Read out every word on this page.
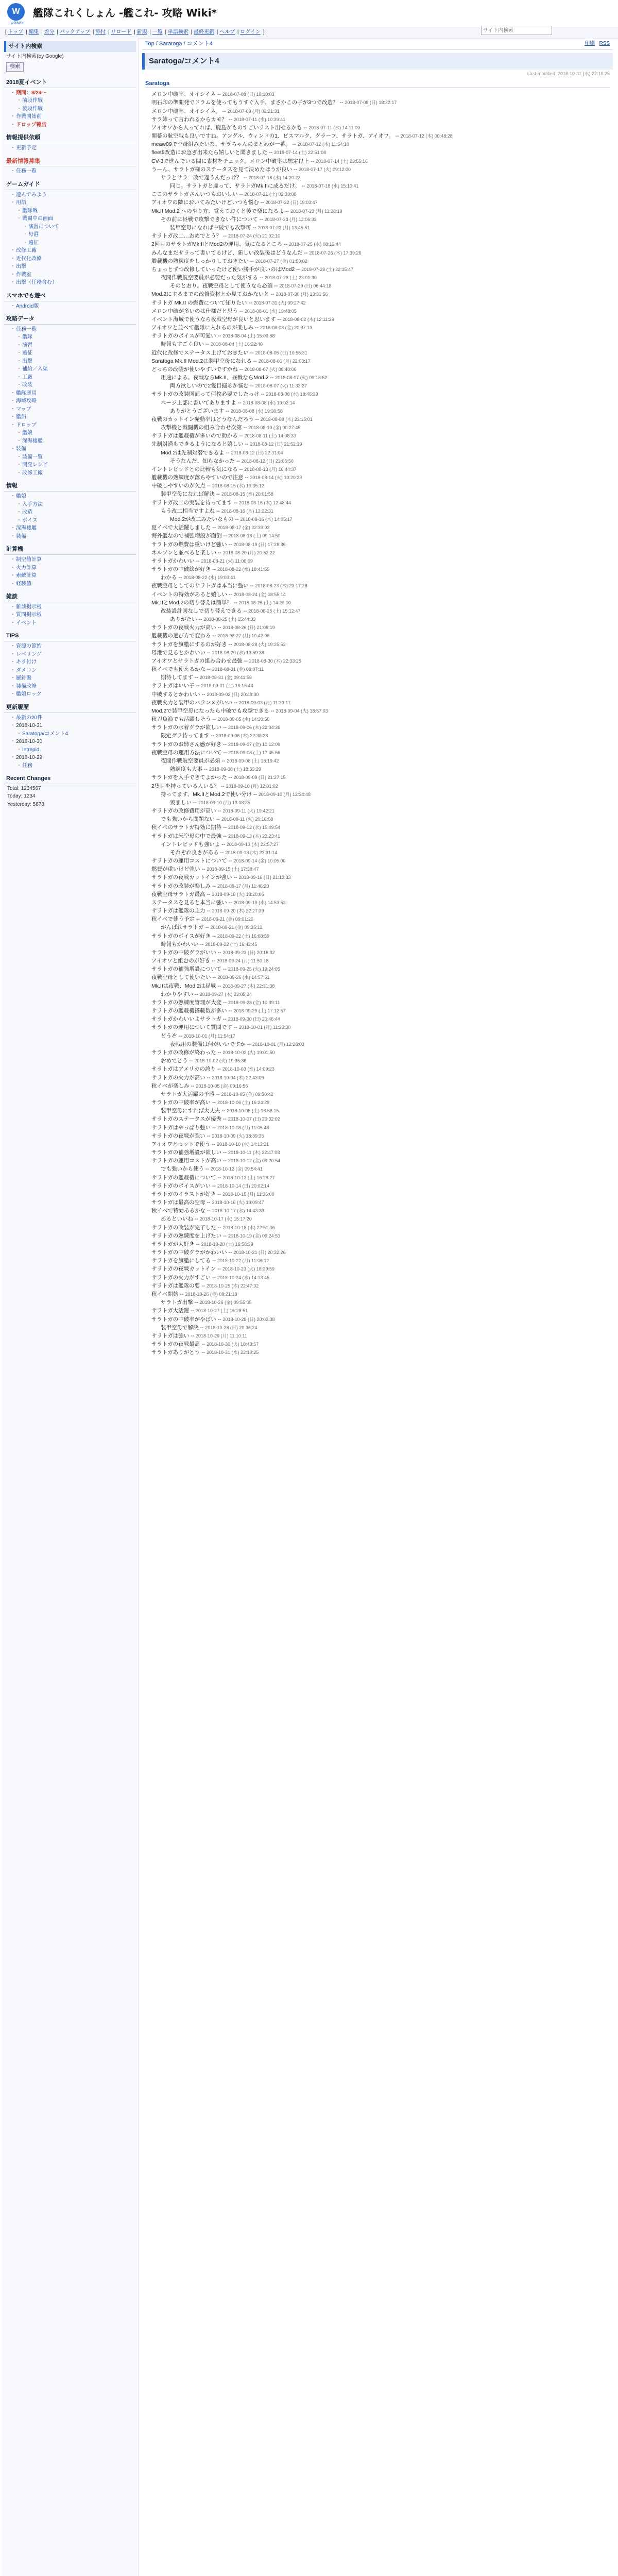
W
wikiwiki
艦隊これくしょん -艦これ- 攻略 Wiki*
[ トップ | 編集 | 差分 | バックアップ | 添付 | リロード | 新規 | 一覧 | 単語検索 | 最終更新 | ヘルプ | ログイン ]
サイト内検索
サイト内検索(by Google)
検索
2018夏イベント
・ 期間：8/24〜
・ 前段作戦
・ 後段作戦
・ 作戦開始前
・ ドロップ報告
情報提供依頼
・ 更新予定
最新情報募集
・ 任務一覧
ゲームガイド
・ 遊んでみよう
・ 用語
・ 艦隊戦
・ 戦闘中の画面
・ 演習について
・ 母港
・ 遠征
・ 改修工廠
・ 近代化改修
・ 出撃
・ 作戦室
・ 出撃（任務含む）
スマホでも遊べ
・ Android版
攻略データ
・ 任務一覧
・ 艦隊
・ 演習
・ 遠征
・ 出撃
・ 補給／入渠
・ 工廠
・ 改装
・ 艦隊運用
・ 海域攻略
・ マップ
・ 艦船
・ ドロップ
・ 艦娘
・ 深海棲艦
・ 装備
・ 装備一覧
・ 開発レシピ
・ 改修工廠
情報
・ 艦娘
・ 入手方法
・ 改造
・ ボイス
・ 深海棲艦
・ 装備
計算機
・ 制空値計算
・ 火力計算
・ 索敵計算
・ 経験値
雑談
・ 雑談掲示板
・ 質問掲示板
・ イベント
TIPS
・ 資源の節約
・ レベリング
・ キラ付け
・ ダメコン
・ 羅針盤
・ 装備改修
・ 艦娘ロック
更新履歴
・ 最新の20件
・ 2018-10-31
・ Saratoga/コメント4
・ 2018-10-30
・ Intrepid
・ 2018-10-29
・ 任務
Recent Changes
Total: 1234567
Today: 1234
Yesterday: 5678
Top / Saratoga / コメント4
サイト内検索	印刷 RSS
Saratoga/コメント4
Last-modified: 2018-10-31 (水) 22:10:25
Saratoga
• メロン中破率、オイシイネ -- 2018-07-08 (日) 18:10:03
• 明石印の準開発でドラムを使ってもうすぐ入手、まさかこの子が3つで改造？ -- 2018-07-08 (日) 18:22:17
• メロン中破率、オイシイネ。 -- 2018-07-09 (月) 02:21:31
• サラ姉って言われるからカモ？ -- 2018-07-11 (水) 10:39:41
• アイオワから入ってれば、鹿島がものすごいラスト出せるかも -- 2018-07-11 (水) 14:11:09
• 開幕の航空戦も良いですね。アングル、ウィンドの1、ビスマルク、グラーフ、サラトガ、アイオワ。 -- 2018-07-12 (木) 00:48:28
• meaw09で空母組みたいな、サラちゃんのまとめが一番。 -- 2018-07-12 (木) 11:54:10
• fleet8改造にお急ぎ出来たら嬉しいと聞きました -- 2018-07-14 (土) 22:51:08
• CV-3で進んでいる間に素材をチェック。メロン中破率は想定以上 -- 2018-07-14 (土) 23:55:16
• うーん、サラトガ様のステータスを見て決めたほうが良い -- 2018-07-17 (火) 09:12:00
• サラとサラ一改で違うんだっけ？ -- 2018-07-18 (水) 14:20:22
• 同じ。サラトガと違って、サラトガMk.IIに成るだけ。 -- 2018-07-18 (水) 15:10:41
• ここのサラトガさんいつもおいしい -- 2018-07-21 (土) 02:39:08
• アイオワの隣においてみたいけどいつも悩む -- 2018-07-22 (日) 19:03:47
• Mk.II Mod.2 へのやり方、覚えておくと後で楽になるよ -- 2018-07-23 (月) 11:28:19
• その前に昼戦で攻撃できない件について -- 2018-07-23 (月) 12:06:33
• 装甲空母になれば中破でも攻撃可 -- 2018-07-23 (月) 13:45:51
• サラトガ改二…おめでとう？ -- 2018-07-24 (火) 21:02:10
• 2回目のサラトガMk.IIとMod2の運用、気になるところ -- 2018-07-25 (水) 08:12:44
• みんなまだサラって書いてるけど、新しい改装後はどうなんだ -- 2018-07-26 (木) 17:39:26
• 艦載機の熟練度をしっかりしておきたい -- 2018-07-27 (金) 01:59:02
• ちょっとずつ改修していったけど使い勝手が良いのはMod2 -- 2018-07-28 (土) 22:15:47
• 夜間作戦航空要員が必要だった気がする -- 2018-07-28 (土) 23:01:30
• そのとおり。夜戦空母として使うなら必須 -- 2018-07-29 (日) 06:44:18
• Mod.2にするまでの改修資材とか見ておかないと -- 2018-07-30 (月) 13:31:56
• サラトガ Mk.II の燃費について知りたい -- 2018-07-31 (火) 09:27:42
• メロン中破が多いのは仕様だと思う -- 2018-08-01 (水) 19:48:05
• イベント海域で使うなら夜戦空母が良いと思います -- 2018-08-02 (木) 12:11:29
• アイオワと並べて艦隊に入れるのが楽しみ -- 2018-08-03 (金) 20:37:13
• サラトガのボイスが可愛い -- 2018-08-04 (土) 15:09:58
• 時報もすごく良い -- 2018-08-04 (土) 16:22:40
• 近代化改修でステータス上げておきたい -- 2018-08-05 (日) 10:55:31
• Saratoga Mk.II Mod.2は装甲空母になれる -- 2018-08-06 (月) 22:03:17
• どっちの改装が使いやすいですかね -- 2018-08-07 (火) 08:40:06
• 用途による。夜戦ならMk.II、昼戦ならMod.2 -- 2018-08-07 (火) 09:18:52
• 両方欲しいので2隻目掘るか悩む -- 2018-08-07 (火) 11:33:27
• サラトガの改装図面って何枚必要でしたっけ -- 2018-08-08 (水) 18:46:39
• ページ上部に書いてありますよ -- 2018-08-08 (水) 19:02:14
• ありがとうございます -- 2018-08-08 (水) 19:30:58
• 夜戦のカットイン発動率はどうなんだろう -- 2018-08-09 (木) 23:15:01
• 攻撃機と戦闘機の組み合わせ次第 -- 2018-08-10 (金) 00:27:45
• サラトガは艦載機が多いので助かる -- 2018-08-11 (土) 14:08:33
• 先制対潜もできるようになると嬉しい -- 2018-08-12 (日) 21:52:19
• Mod.2は先制対潜できるよ -- 2018-08-12 (日) 22:31:04
• そうなんだ、知らなかった -- 2018-08-12 (日) 23:05:50
• イントレピッドとの比較も気になる -- 2018-08-13 (月) 16:44:37
• 艦載機の熟練度が落ちやすいので注意 -- 2018-08-14 (火) 10:20:23
• 中破しやすいのが欠点 -- 2018-08-15 (水) 19:35:12
• 装甲空母になれば解決 -- 2018-08-15 (水) 20:01:58
• サラトガ改二の実装を待ってます -- 2018-08-16 (木) 12:48:44
• もう改二相当ですよね -- 2018-08-16 (木) 13:22:31
• Mod.2が改二みたいなもの -- 2018-08-16 (木) 14:05:17
• 夏イベで大活躍しました -- 2018-08-17 (金) 22:39:03
• 海外艦なので補強増設が面倒 -- 2018-08-18 (土) 09:14:50
• サラトガの燃費は重いけど強い -- 2018-08-19 (日) 17:28:36
• ネルソンと並べると楽しい -- 2018-08-20 (月) 20:52:22
• サラトガかわいい -- 2018-08-21 (火) 11:06:09
• サラトガの中破絵が好き -- 2018-08-22 (水) 18:41:55
• わかる -- 2018-08-22 (水) 19:03:41
• 夜戦空母としてのサラトガは本当に強い -- 2018-08-23 (木) 23:17:28
• イベントの特効があると嬉しい -- 2018-08-24 (金) 08:55:14
• Mk.IIとMod.2の切り替えは簡単？ -- 2018-08-25 (土) 14:29:00
• 改装設計図なしで切り替えできる -- 2018-08-25 (土) 15:12:47
• ありがたい -- 2018-08-25 (土) 15:44:33
• サラトガの夜戦火力が高い -- 2018-08-26 (日) 21:08:19
• 艦載機の選び方で変わる -- 2018-08-27 (月) 10:42:06
• サラトガを旗艦にするのが好き -- 2018-08-28 (火) 19:25:52
• 母港で見るとかわいい -- 2018-08-29 (水) 13:59:38
• アイオワとサラトガの組み合わせ最強 -- 2018-08-30 (木) 22:33:25
• 秋イベでも使えるかな -- 2018-08-31 (金) 09:07:11
• 期待してます -- 2018-08-31 (金) 09:41:58
• サラトガはいい子 -- 2018-09-01 (土) 16:15:44
• 中破するとかわいい -- 2018-09-02 (日) 20:49:30
• 夜戦火力と装甲のバランスがいい -- 2018-09-03 (月) 11:23:17
• Mod.2で装甲空母になったら中破でも攻撃できる -- 2018-09-04 (火) 18:57:03
• 秋刀魚漁でも活躍しそう -- 2018-09-05 (水) 14:30:50
• サラトガの水着グラが欲しい -- 2018-09-06 (木) 22:04:36
• 限定グラ待ってます -- 2018-09-06 (木) 22:38:23
• サラトガのお姉さん感が好き -- 2018-09-07 (金) 10:12:09
• 夜戦空母の運用方法について -- 2018-09-08 (土) 17:45:56
• 夜間作戦航空要員が必須 -- 2018-09-08 (土) 18:19:42
• 熟練度も大事 -- 2018-09-08 (土) 18:53:29
• サラトガを入手できてよかった -- 2018-09-09 (日) 21:27:15
• 2隻目を持っている人いる？ -- 2018-09-10 (月) 12:01:02
• 持ってます、Mk.IIとMod.2で使い分け -- 2018-09-10 (月) 12:34:48
• 羨ましい -- 2018-09-10 (月) 13:08:35
• サラトガの改修費用が高い -- 2018-09-11 (火) 19:42:21
• でも強いから問題ない -- 2018-09-11 (火) 20:16:08
• 秋イベのサラトガ特効に期待 -- 2018-09-12 (水) 15:49:54
• サラトガは米空母の中で最強 -- 2018-09-13 (木) 22:23:41
• イントレピッドも強いよ -- 2018-09-13 (木) 22:57:27
• それぞれ良さがある -- 2018-09-13 (木) 23:31:14
• サラトガの運用コストについて -- 2018-09-14 (金) 10:05:00
• 燃費が重いけど強い -- 2018-09-15 (土) 17:38:47
• サラトガの夜戦カットインが強い -- 2018-09-16 (日) 21:12:33
• サラトガの改装が楽しみ -- 2018-09-17 (月) 11:46:20
• 夜戦空母サラトガ最高 -- 2018-09-18 (火) 18:20:06
• ステータスを見ると本当に強い -- 2018-09-19 (水) 14:53:53
• サラトガは艦隊の主力 -- 2018-09-20 (木) 22:27:39
• 秋イベで使う予定 -- 2018-09-21 (金) 09:01:26
• がんばれサラトガ -- 2018-09-21 (金) 09:35:12
• サラトガのボイスが好き -- 2018-09-22 (土) 16:08:59
• 時報もかわいい -- 2018-09-22 (土) 16:42:45
• サラトガの中破グラがいい -- 2018-09-23 (日) 20:16:32
• アイオワと組むのが好き -- 2018-09-24 (月) 11:50:18
• サラトガの補強増設について -- 2018-09-25 (火) 19:24:05
• 夜戦空母として使いたい -- 2018-09-26 (水) 14:57:51
• Mk.IIは夜戦、Mod.2は昼戦 -- 2018-09-27 (木) 22:31:38
• わかりやすい -- 2018-09-27 (木) 23:05:24
• サラトガの熟練度管理が大変 -- 2018-09-28 (金) 10:39:11
• サラトガの艦載機搭載数が多い -- 2018-09-29 (土) 17:12:57
• サラトガかわいいよサラトガ -- 2018-09-30 (日) 20:46:44
• サラトガの運用について質問です -- 2018-10-01 (月) 11:20:30
• どうぞ -- 2018-10-01 (月) 11:54:17
• 夜戦用の装備は何がいいですか -- 2018-10-01 (月) 12:28:03
• サラトガの改修が終わった -- 2018-10-02 (火) 19:01:50
• おめでとう -- 2018-10-02 (火) 19:35:36
• サラトガはアメリカの誇り -- 2018-10-03 (水) 14:09:23
• サラトガの火力が高い -- 2018-10-04 (木) 22:43:09
• 秋イベが楽しみ -- 2018-10-05 (金) 09:16:56
• サラトガ大活躍の予感 -- 2018-10-05 (金) 09:50:42
• サラトガの中破率が高い -- 2018-10-06 (土) 16:24:29
• 装甲空母にすれば大丈夫 -- 2018-10-06 (土) 16:58:15
• サラトガのステータスが優秀 -- 2018-10-07 (日) 20:32:02
• サラトガはやっぱり強い -- 2018-10-08 (月) 11:05:48
• サラトガの夜戦が強い -- 2018-10-09 (火) 18:39:35
• アイオワとセットで使う -- 2018-10-10 (水) 14:13:21
• サラトガの補強増設が欲しい -- 2018-10-11 (木) 22:47:08
• サラトガの運用コストが高い -- 2018-10-12 (金) 09:20:54
• でも強いから使う -- 2018-10-12 (金) 09:54:41
• サラトガの艦載機について -- 2018-10-13 (土) 16:28:27
• サラトガのボイスがいい -- 2018-10-14 (日) 20:02:14
• サラトガのイラストが好き -- 2018-10-15 (月) 11:36:00
• サラトガは最高の空母 -- 2018-10-16 (火) 19:09:47
• 秋イベで特効あるかな -- 2018-10-17 (水) 14:43:33
• あるといいね -- 2018-10-17 (水) 15:17:20
• サラトガの改装が完了した -- 2018-10-18 (木) 22:51:06
• サラトガの熟練度を上げたい -- 2018-10-19 (金) 09:24:53
• サラトガが大好き -- 2018-10-20 (土) 16:58:39
• サラトガの中破グラがかわいい -- 2018-10-21 (日) 20:32:26
• サラトガを旗艦にしてる -- 2018-10-22 (月) 11:06:12
• サラトガの夜戦カットイン -- 2018-10-23 (火) 18:39:59
• サラトガの火力がすごい -- 2018-10-24 (水) 14:13:45
• サラトガは艦隊の要 -- 2018-10-25 (木) 22:47:32
• 秋イベ開始 -- 2018-10-26 (金) 09:21:18
• サラトガ出撃 -- 2018-10-26 (金) 09:55:05
• サラトガ大活躍 -- 2018-10-27 (土) 16:28:51
• サラトガの中破率がやばい -- 2018-10-28 (日) 20:02:38
• 装甲空母で解決 -- 2018-10-28 (日) 20:36:24
• サラトガは強い -- 2018-10-29 (月) 11:10:11
• サラトガの夜戦最高 -- 2018-10-30 (火) 18:43:57
• サラトガありがとう -- 2018-10-31 (水) 22:10:25
